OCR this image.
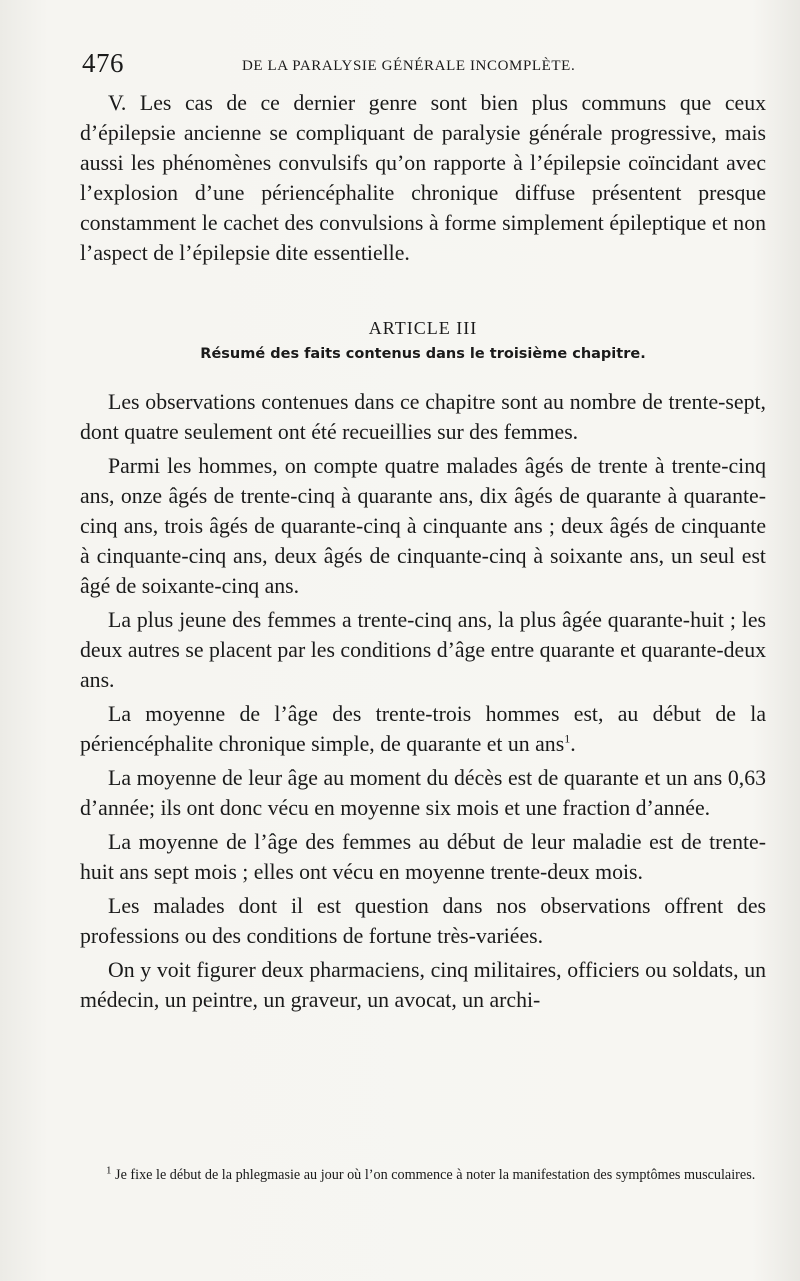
476	DE LA PARALYSIE GÉNÉRALE INCOMPLÈTE.

V. Les cas de ce dernier genre sont bien plus communs que ceux d’épilepsie ancienne se compliquant de paralysie générale progressive, mais aussi les phénomènes convulsifs qu’on rapporte à l’épilepsie coïncidant avec l’explosion d’une périencéphalite chronique diffuse présentent presque constamment le cachet des convulsions à forme simplement épileptique et non l’aspect de l’épilepsie dite essentielle.

ARTICLE III
Résumé des faits contenus dans le troisième chapitre.

Les observations contenues dans ce chapitre sont au nombre de trente-sept, dont quatre seulement ont été recueillies sur des femmes.

Parmi les hommes, on compte quatre malades âgés de trente à trente-cinq ans, onze âgés de trente-cinq à quarante ans, dix âgés de quarante à quarante-cinq ans, trois âgés de quarante-cinq à cinquante ans ; deux âgés de cinquante à cinquante-cinq ans, deux âgés de cinquante-cinq à soixante ans, un seul est âgé de soixante-cinq ans.

La plus jeune des femmes a trente-cinq ans, la plus âgée quarante-huit ; les deux autres se placent par les conditions d’âge entre quarante et quarante-deux ans.

La moyenne de l’âge des trente-trois hommes est, au début de la périencéphalite chronique simple, de quarante et un ans$^1$.

La moyenne de leur âge au moment du décès est de quarante et un ans 0,63 d’année; ils ont donc vécu en moyenne six mois et une fraction d’année.

La moyenne de l’âge des femmes au début de leur maladie est de trente-huit ans sept mois ; elles ont vécu en moyenne trente-deux mois.

Les malades dont il est question dans nos observations offrent des professions ou des conditions de fortune très-variées.

On y voit figurer deux pharmaciens, cinq militaires, officiers ou soldats, un médecin, un peintre, un graveur, un avocat, un archi-

$^1$ Je fixe le début de la phlegmasie au jour où l’on commence à noter la manifestation des symptômes musculaires.
